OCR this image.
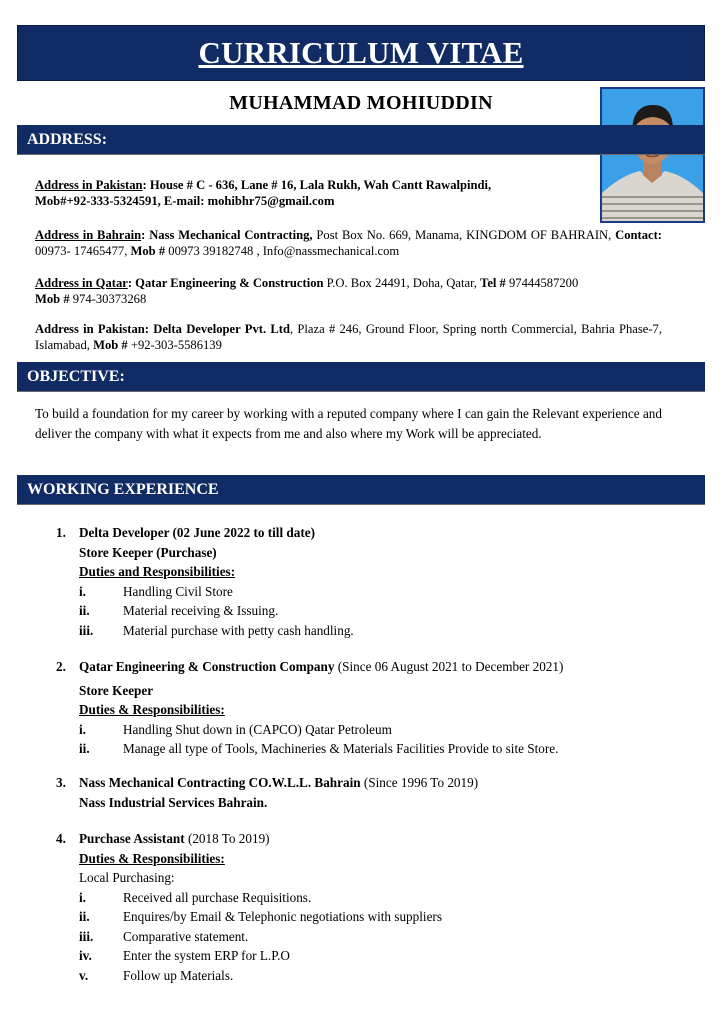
CURRICULUM VITAE
MUHAMMAD MOHIUDDIN
ADDRESS:
Address in Pakistan: House # C - 636, Lane # 16, Lala Rukh, Wah Cantt Rawalpindi,
Mob#+92-333-5324591, E-mail: mohibhr75@gmail.com
Address in Bahrain: Nass Mechanical Contracting, Post Box No. 669, Manama, KINGDOM OF BAHRAIN, Contact: 00973- 17465477, Mob # 00973 39182748 , Info@nassmechanical.com
Address in Qatar: Qatar Engineering & Construction P.O. Box 24491, Doha, Qatar, Tel # 97444587200
Mob # 974-30373268
Address in Pakistan: Delta Developer Pvt. Ltd, Plaza # 246, Ground Floor, Spring north Commercial, Bahria Phase-7, Islamabad, Mob # +92-303-5586139
OBJECTIVE:
To build a foundation for my career by working with a reputed company where I can gain the Relevant experience and deliver the company with what it expects from me and also where my Work will be appreciated.
WORKING EXPERIENCE
1. Delta Developer (02 June 2022 to till date)
Store Keeper (Purchase)
Duties and Responsibilities:
i.	Handling Civil Store
ii.	Material receiving & Issuing.
iii. Material purchase with petty cash handling.
2. Qatar Engineering & Construction Company (Since 06 August 2021 to December 2021)
Store Keeper
Duties & Responsibilities:
i.	Handling Shut down in (CAPCO) Qatar Petroleum
ii.	Manage all type of Tools, Machineries & Materials Facilities Provide to site Store.
3. Nass Mechanical Contracting CO.W.L.L. Bahrain (Since 1996 To 2019)
Nass Industrial Services Bahrain.
4. Purchase Assistant (2018 To 2019)
Duties & Responsibilities:
Local Purchasing:
i.	Received all purchase Requisitions.
ii.	Enquires/by Email & Telephonic negotiations with suppliers
iii. Comparative statement.
iv. Enter the system ERP for L.P.O
v.	Follow up Materials.
